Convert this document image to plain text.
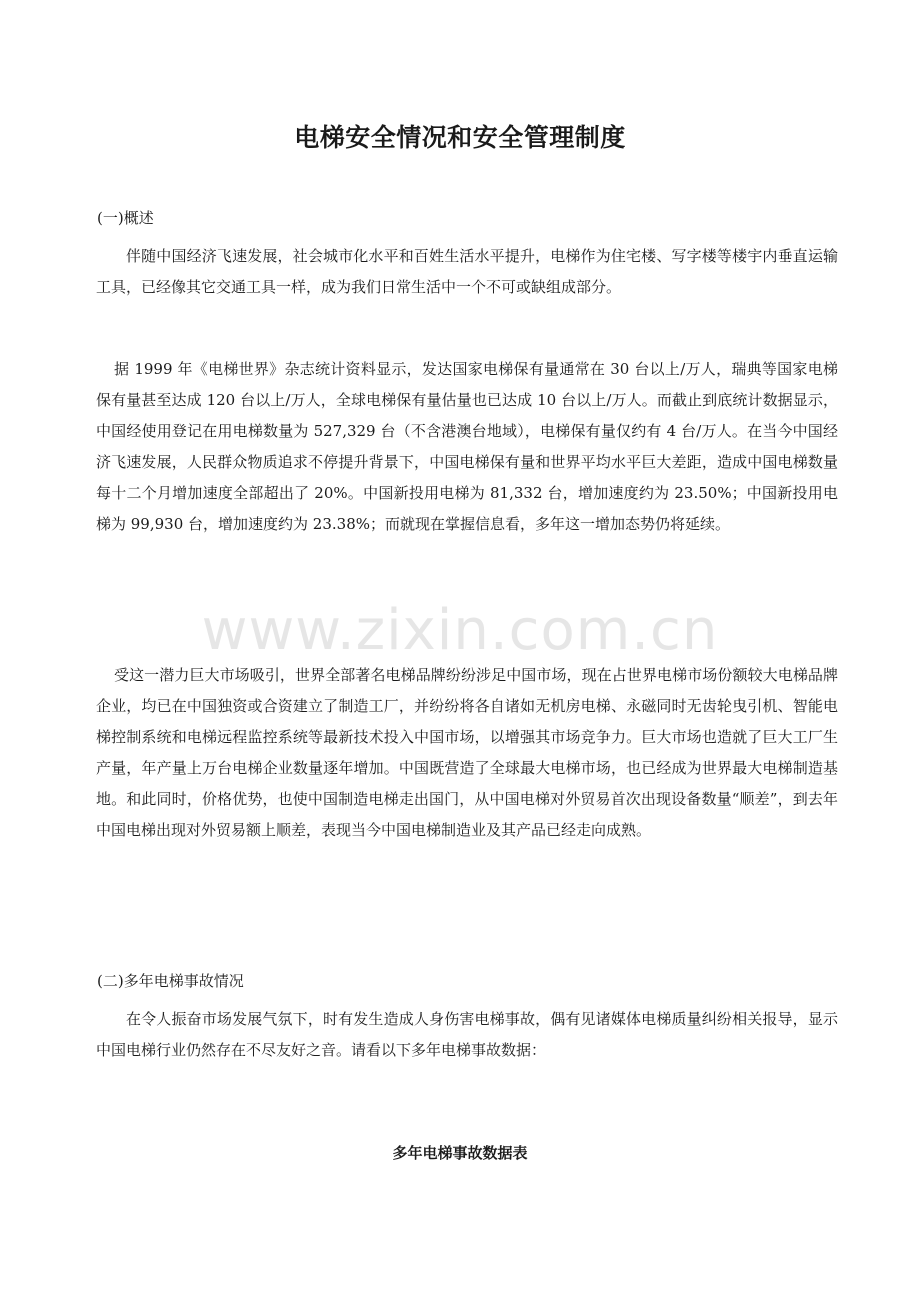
www.zixin.com.cn
电梯安全情况和安全管理制度

(一)概述

伴随中国经济飞速发展，社会城市化水平和百姓生活水平提升，电梯作为住宅楼、写字楼等楼宇内垂直运输工具，已经像其它交通工具一样，成为我们日常生活中一个不可或缺组成部分。

据 1999 年《电梯世界》杂志统计资料显示，发达国家电梯保有量通常在 30 台以上/万人，瑞典等国家电梯保有量甚至达成 120 台以上/万人，全球电梯保有量估量也已达成 10 台以上/万人。而截止到底统计数据显示，中国经使用登记在用电梯数量为 527,329 台（不含港澳台地域），电梯保有量仅约有 4 台/万人。在当今中国经济飞速发展，人民群众物质追求不停提升背景下，中国电梯保有量和世界平均水平巨大差距，造成中国电梯数量每十二个月增加速度全部超出了 20%。中国新投用电梯为 81,332 台，增加速度约为 23.50%；中国新投用电梯为 99,930 台，增加速度约为 23.38%；而就现在掌握信息看，多年这一增加态势仍将延续。

受这一潜力巨大市场吸引，世界全部著名电梯品牌纷纷涉足中国市场，现在占世界电梯市场份额较大电梯品牌企业，均已在中国独资或合资建立了制造工厂，并纷纷将各自诸如无机房电梯、永磁同时无齿轮曳引机、智能电梯控制系统和电梯远程监控系统等最新技术投入中国市场，以增强其市场竞争力。巨大市场也造就了巨大工厂生产量，年产量上万台电梯企业数量逐年增加。中国既营造了全球最大电梯市场，也已经成为世界最大电梯制造基地。和此同时，价格优势，也使中国制造电梯走出国门，从中国电梯对外贸易首次出现设备数量“顺差”，到去年中国电梯出现对外贸易额上顺差，表现当今中国电梯制造业及其产品已经走向成熟。

(二)多年电梯事故情况

在令人振奋市场发展气氛下，时有发生造成人身伤害电梯事故，偶有见诸媒体电梯质量纠纷相关报导，显示中国电梯行业仍然存在不尽友好之音。请看以下多年电梯事故数据：

多年电梯事故数据表
